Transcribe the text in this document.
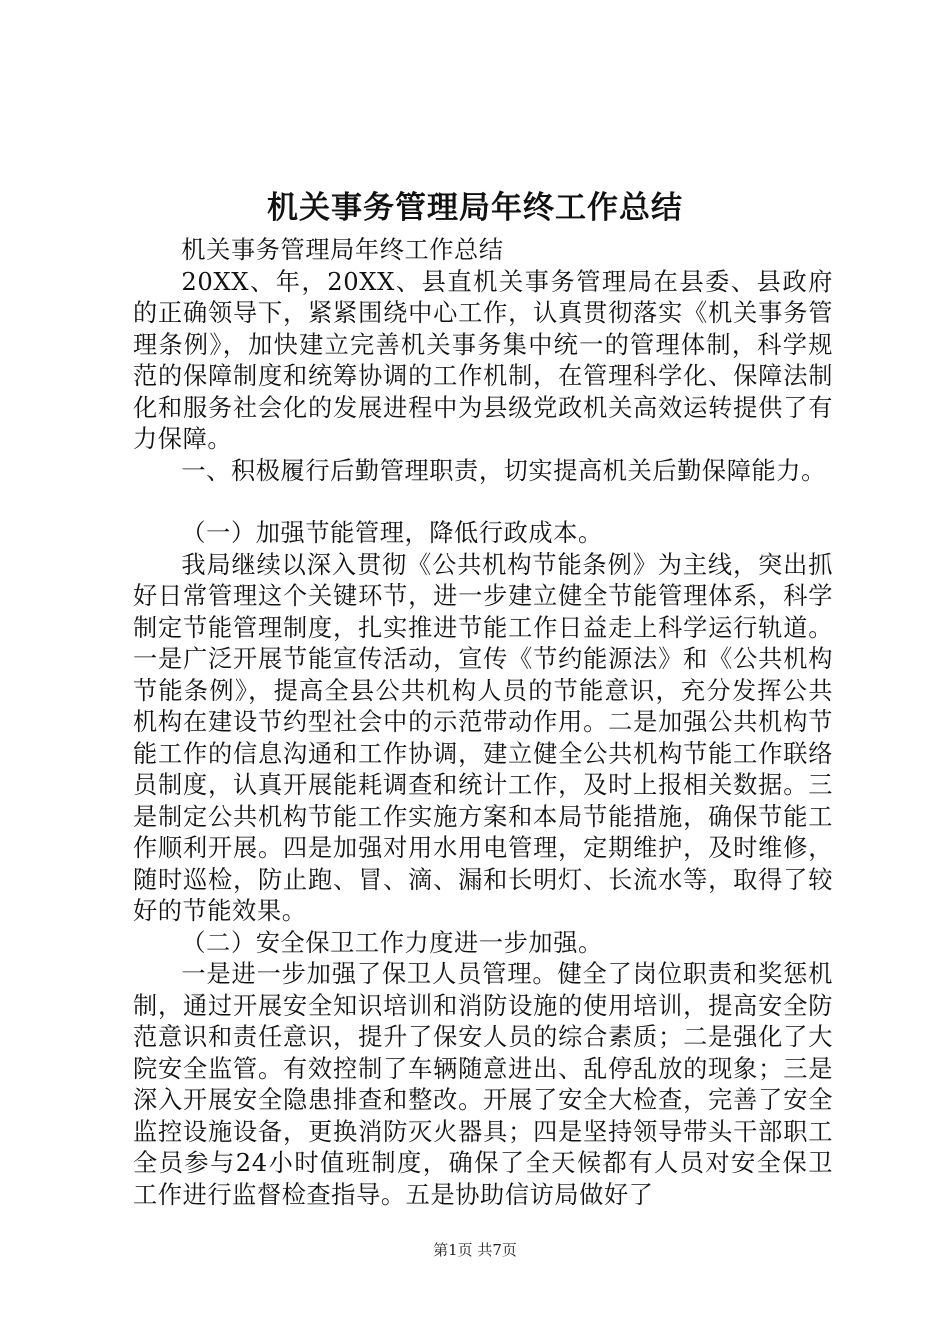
机关事务管理局年终工作总结

机关事务管理局年终工作总结

20XX、年，20XX、县直机关事务管理局在县委、县政府的正确领导下，紧紧围绕中心工作，认真贯彻落实《机关事务管理条例》，加快建立完善机关事务集中统一的管理体制，科学规范的保障制度和统筹协调的工作机制，在管理科学化、保障法制化和服务社会化的发展进程中为县级党政机关高效运转提供了有力保障。

一、积极履行后勤管理职责，切实提高机关后勤保障能力。

（一）加强节能管理，降低行政成本。

我局继续以深入贯彻《公共机构节能条例》为主线，突出抓好日常管理这个关键环节，进一步建立健全节能管理体系，科学制定节能管理制度，扎实推进节能工作日益走上科学运行轨道。一是广泛开展节能宣传活动，宣传《节约能源法》和《公共机构节能条例》，提高全县公共机构人员的节能意识，充分发挥公共机构在建设节约型社会中的示范带动作用。二是加强公共机构节能工作的信息沟通和工作协调，建立健全公共机构节能工作联络员制度，认真开展能耗调查和统计工作，及时上报相关数据。三是制定公共机构节能工作实施方案和本局节能措施，确保节能工作顺利开展。四是加强对用水用电管理，定期维护，及时维修，随时巡检，防止跑、冒、滴、漏和长明灯、长流水等，取得了较好的节能效果。

（二）安全保卫工作力度进一步加强。

一是进一步加强了保卫人员管理。健全了岗位职责和奖惩机制，通过开展安全知识培训和消防设施的使用培训，提高安全防范意识和责任意识，提升了保安人员的综合素质；二是强化了大院安全监管。有效控制了车辆随意进出、乱停乱放的现象；三是深入开展安全隐患排查和整改。开展了安全大检查，完善了安全监控设施设备，更换消防灭火器具；四是坚持领导带头干部职工全员参与24小时值班制度，确保了全天候都有人员对安全保卫工作进行监督检查指导。五是协助信访局做好了

第1页 共7页
